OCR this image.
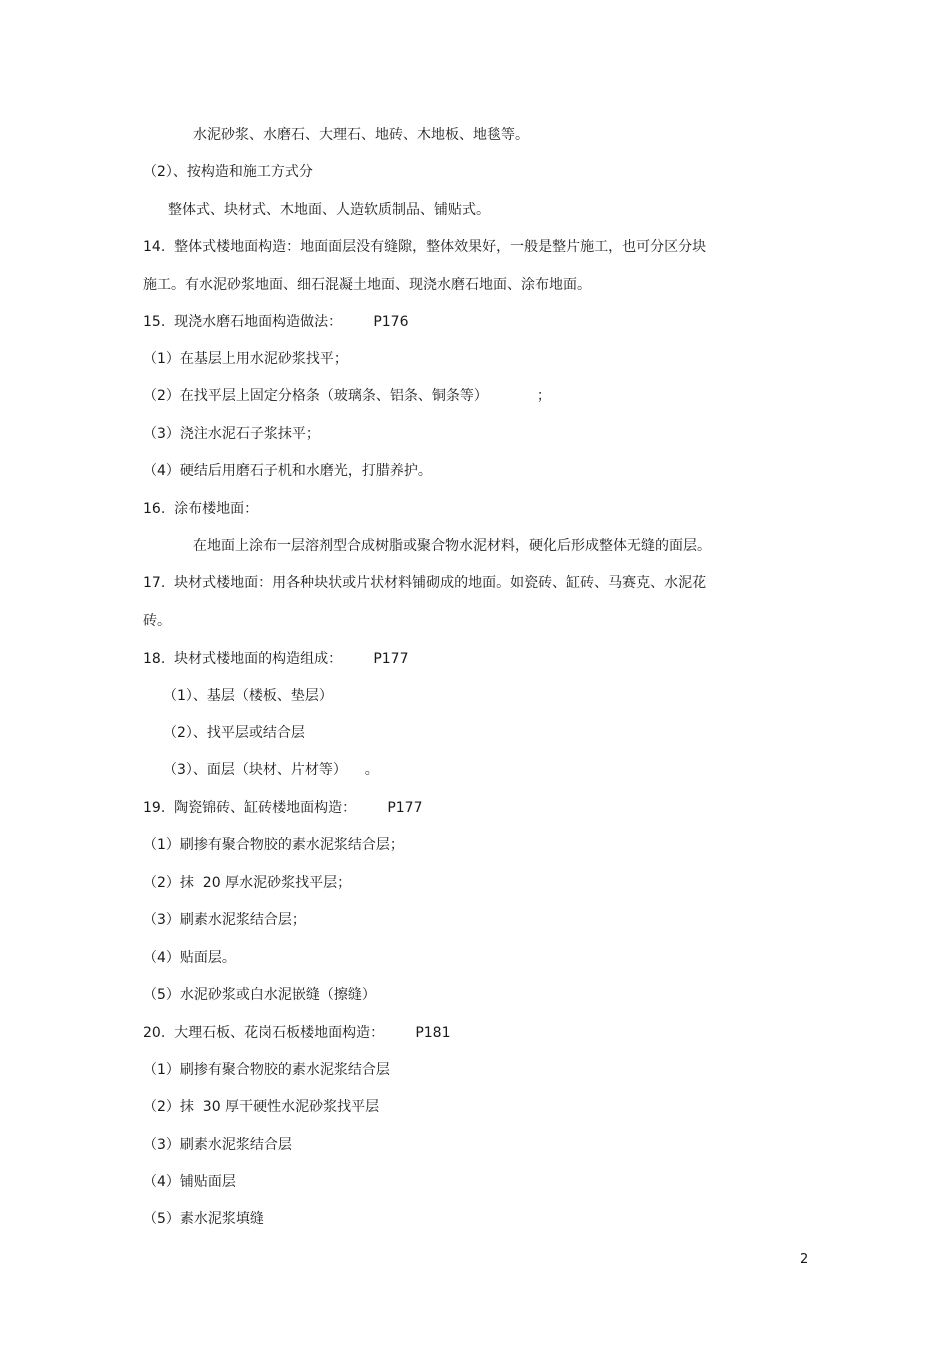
水泥砂浆、水磨石、大理石、地砖、木地板、地毯等。
（2）、按构造和施工方式分
整体式、块材式、木地面、人造软质制品、铺贴式。
14.  整体式楼地面构造：地面面层没有缝隙，整体效果好，一般是整片施工，也可分区分块
施工。有水泥砂浆地面、细石混凝土地面、现浇水磨石地面、涂布地面。
15.  现浇水磨石地面构造做法：       P176
（1）在基层上用水泥砂浆找平；
（2）在找平层上固定分格条（玻璃条、铝条、铜条等）           ；
（3）浇注水泥石子浆抹平；
（4）硬结后用磨石子机和水磨光，打腊养护。
16.  涂布楼地面：
在地面上涂布一层溶剂型合成树脂或聚合物水泥材料，硬化后形成整体无缝的面层。
17.  块材式楼地面：用各种块状或片状材料铺砌成的地面。如瓷砖、缸砖、马赛克、水泥花
砖。
18.  块材式楼地面的构造组成：       P177
（1）、基层（楼板、垫层）
（2）、找平层或结合层
（3）、面层（块材、片材等）    。
19.  陶瓷锦砖、缸砖楼地面构造：       P177
（1）刷掺有聚合物胶的素水泥浆结合层；
（2）抹  20 厚水泥砂浆找平层；
（3）刷素水泥浆结合层；
（4）贴面层。
（5）水泥砂浆或白水泥嵌缝（擦缝）
20.  大理石板、花岗石板楼地面构造：       P181
（1）刷掺有聚合物胶的素水泥浆结合层
（2）抹  30 厚干硬性水泥砂浆找平层
（3）刷素水泥浆结合层
（4）铺贴面层
（5）素水泥浆填缝
2
